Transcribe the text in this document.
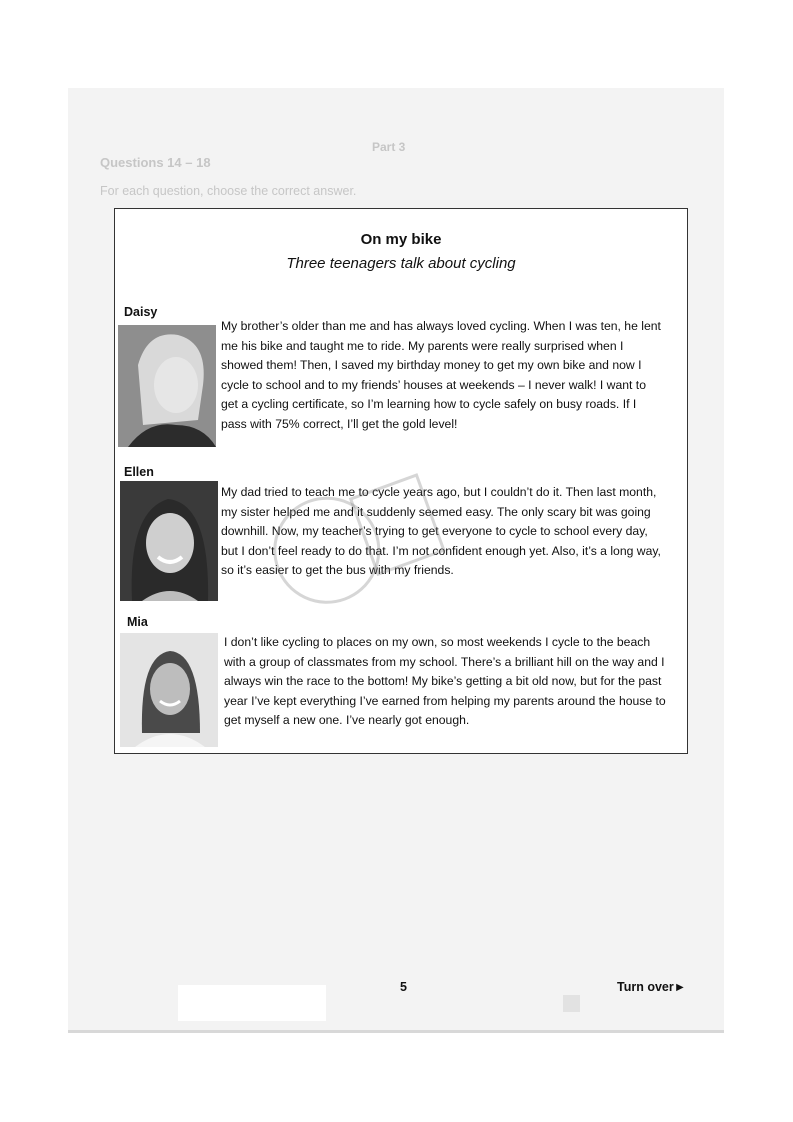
Part 3
Questions 14 – 18
For each question, choose the correct answer.
On my bike
Three teenagers talk about cycling
Daisy
My brother’s older than me and has always loved cycling. When I was ten, he lent
me his bike and taught me to ride. My parents were really surprised when I
showed them! Then, I saved my birthday money to get my own bike and now I
cycle to school and to my friends’ houses at weekends – I never walk! I want to
get a cycling certificate, so I’m learning how to cycle safely on busy roads. If I
pass with 75% correct, I’ll get the gold level!
Ellen
My dad tried to teach me to cycle years ago, but I couldn’t do it. Then last month,
my sister helped me and it suddenly seemed easy. The only scary bit was going
downhill. Now, my teacher’s trying to get everyone to cycle to school every day,
but I don’t feel ready to do that. I’m not confident enough yet. Also, it’s a long way,
so it’s easier to get the bus with my friends.
Mia
I don’t like cycling to places on my own, so most weekends I cycle to the beach
with a group of classmates from my school. There’s a brilliant hill on the way and I
always win the race to the bottom! My bike’s getting a bit old now, but for the past
year I’ve kept everything I’ve earned from helping my parents around the house to
get myself a new one. I’ve nearly got enough.
5	Turn over►
